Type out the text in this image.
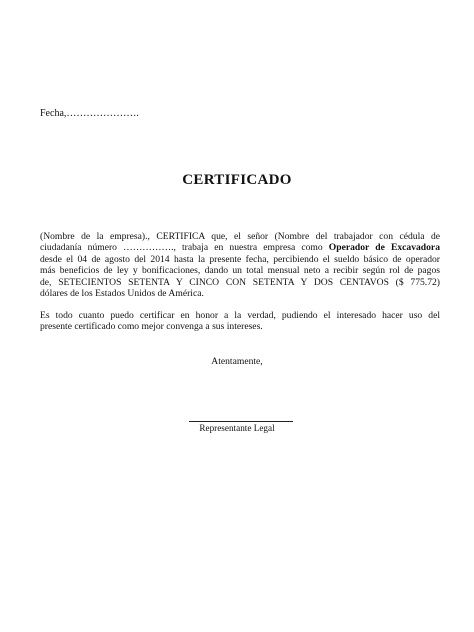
Fecha,………………….
CERTIFICADO
(Nombre de la empresa)., CERTIFICA que, el señor (Nombre del trabajador con cédula de
ciudadanía número ……………., trabaja en nuestra empresa como Operador de Excavadora
desde el 04 de agosto del 2014 hasta la presente fecha, percibiendo el sueldo básico de operador
más beneficios de ley y bonificaciones, dando un total mensual neto a recibir según rol de pagos
de, SETECIENTOS SETENTA Y CINCO CON SETENTA Y DOS CENTAVOS ($ 775.72)
dólares de los Estados Unidos de América.
Es todo cuanto puedo certificar en honor a la verdad, pudiendo el interesado hacer uso del
presente certificado como mejor convenga a sus intereses.
Atentamente,
Representante Legal
